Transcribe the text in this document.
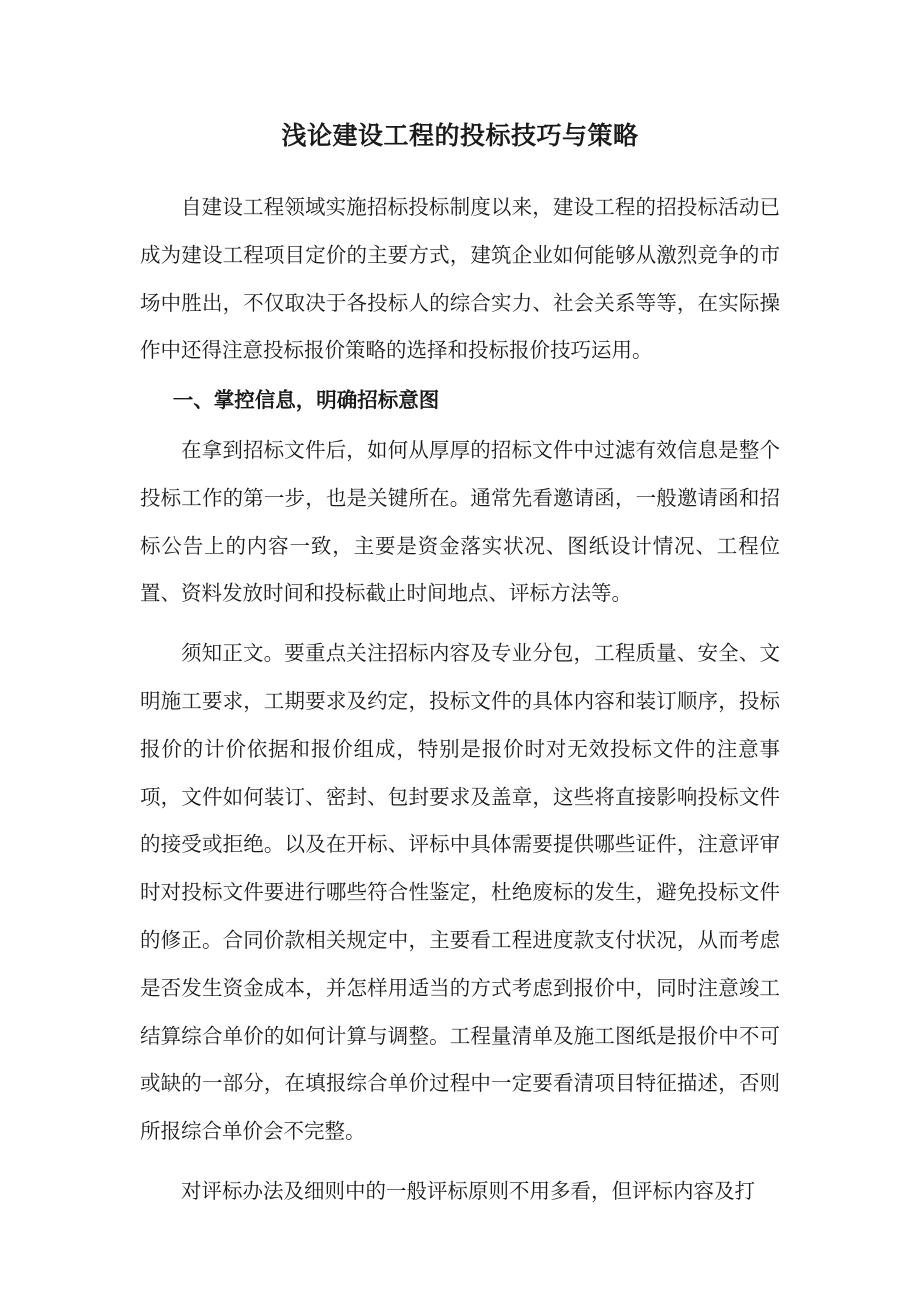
浅论建设工程的投标技巧与策略

自建设工程领域实施招标投标制度以来，建设工程的招投标活动已成为建设工程项目定价的主要方式，建筑企业如何能够从激烈竞争的市场中胜出，不仅取决于各投标人的综合实力、社会关系等等，在实际操作中还得注意投标报价策略的选择和投标报价技巧运用。

一、掌控信息，明确招标意图

在拿到招标文件后，如何从厚厚的招标文件中过滤有效信息是整个投标工作的第一步，也是关键所在。通常先看邀请函，一般邀请函和招标公告上的内容一致，主要是资金落实状况、图纸设计情况、工程位置、资料发放时间和投标截止时间地点、评标方法等。

须知正文。要重点关注招标内容及专业分包，工程质量、安全、文明施工要求，工期要求及约定，投标文件的具体内容和装订顺序，投标报价的计价依据和报价组成，特别是报价时对无效投标文件的注意事项，文件如何装订、密封、包封要求及盖章，这些将直接影响投标文件的接受或拒绝。以及在开标、评标中具体需要提供哪些证件，注意评审时对投标文件要进行哪些符合性鉴定，杜绝废标的发生，避免投标文件的修正。合同价款相关规定中，主要看工程进度款支付状况，从而考虑是否发生资金成本，并怎样用适当的方式考虑到报价中，同时注意竣工结算综合单价的如何计算与调整。工程量清单及施工图纸是报价中不可或缺的一部分，在填报综合单价过程中一定要看清项目特征描述，否则所报综合单价会不完整。

对评标办法及细则中的一般评标原则不用多看，但评标内容及打
